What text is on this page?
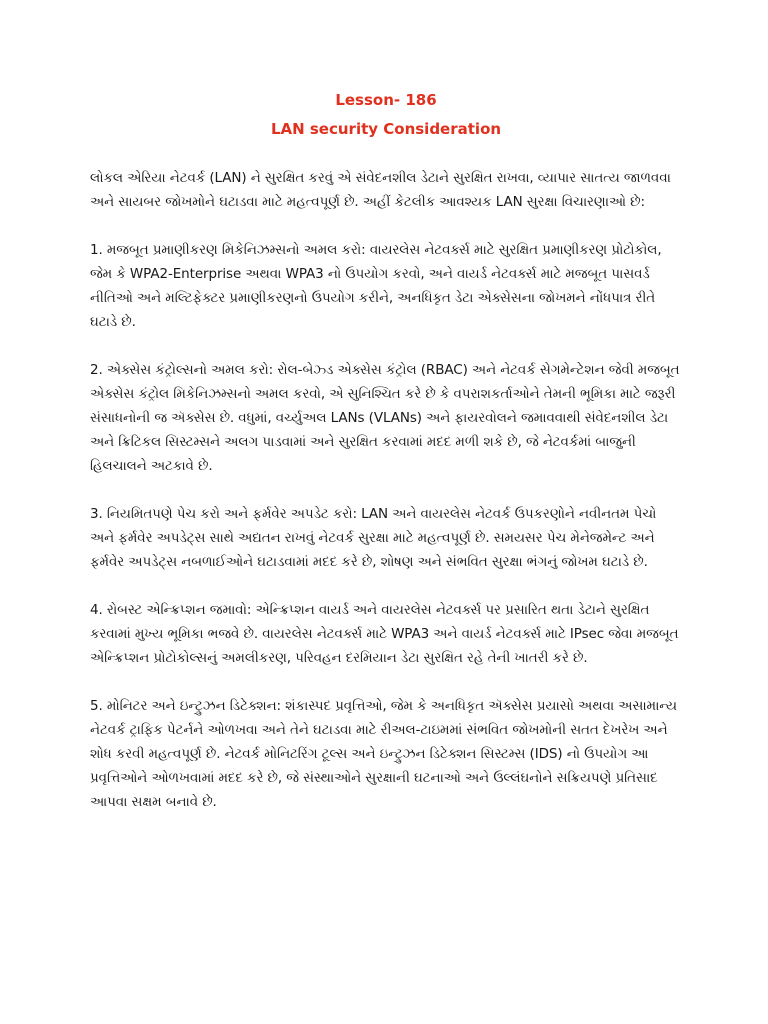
Lesson- 186

LAN security Consideration

લોકલ એરિયા નેટવર્ક (LAN) ને સુરક્ષિત કરવું એ સંવેદનશીલ ડેટાને સુરક્ષિત રાખવા, વ્યાપાર સાતત્ય જાળવવા અને સાયબર જોખમોને ઘટાડવા માટે મહત્વપૂર્ણ છે. અહીં કેટલીક આવશ્યક LAN સુરક્ષા વિચારણાઓ છે:

1. મજબૂત પ્રમાણીકરણ મિકેનિઝમ્સનો અમલ કરો: વાયરલેસ નેટવર્ક્સ માટે સુરક્ષિત પ્રમાણીકરણ પ્રોટોકોલ, જેમ કે WPA2-Enterprise અથવા WPA3 નો ઉપયોગ કરવો, અને વાયર્ડ નેટવર્ક્સ માટે મજબૂત પાસવર્ડ નીતિઓ અને મલ્ટિફેક્ટર પ્રમાણીકરણનો ઉપયોગ કરીને, અનધિકૃત ડેટા એક્સેસના જોખમને નોંધપાત્ર રીતે ઘટાડે છે.

2. એક્સેસ કંટ્રોલ્સનો અમલ કરો: રોલ-બેઝ્ડ એક્સેસ કંટ્રોલ (RBAC) અને નેટવર્ક સેગમેન્ટેશન જેવી મજબૂત એક્સેસ કંટ્રોલ મિકેનિઝમ્સનો અમલ કરવો, એ સુનિશ્ચિત કરે છે કે વપરાશકર્તાઓને તેમની ભૂમિકા માટે જરૂરી સંસાધનોની જ ઍક્સેસ છે. વધુમાં, વર્ચ્યુઅલ LANs (VLANs) અને ફાયરવોલને જમાવવાથી સંવેદનશીલ ડેટા અને ક્રિટિકલ સિસ્ટમ્સને અલગ પાડવામાં અને સુરક્ષિત કરવામાં મદદ મળી શકે છે, જે નેટવર્કમાં બાજુની હિલચાલને અટકાવે છે.

3. નિયમિતપણે પેચ કરો અને ફર્મવેર અપડેટ કરો: LAN અને વાયરલેસ નેટવર્ક ઉપકરણોને નવીનતમ પેચો અને ફર્મવેર અપડેટ્સ સાથે અદ્યતન રાખવું નેટવર્ક સુરક્ષા માટે મહત્વપૂર્ણ છે. સમયસર પેચ મેનેજમેન્ટ અને ફર્મવેર અપડેટ્સ નબળાઈઓને ઘટાડવામાં મદદ કરે છે, શોષણ અને સંભવિત સુરક્ષા ભંગનું જોખમ ઘટાડે છે.

4. રોબસ્ટ એન્ક્રિપ્શન જમાવો: એન્ક્રિપ્શન વાયર્ડ અને વાયરલેસ નેટવર્ક્સ પર પ્રસારિત થતા ડેટાને સુરક્ષિત કરવામાં મુખ્ય ભૂમિકા ભજવે છે. વાયરલેસ નેટવર્ક્સ માટે WPA3 અને વાયર્ડ નેટવર્ક્સ માટે IPsec જેવા મજબૂત એન્ક્રિપ્શન પ્રોટોકોલ્સનું અમલીકરણ, પરિવહન દરમિયાન ડેટા સુરક્ષિત રહે તેની ખાતરી કરે છે.

5. મોનિટર અને ઇન્ટ્રુઝન ડિટેક્શન: શંકાસ્પદ પ્રવૃત્તિઓ, જેમ કે અનધિકૃત ઍક્સેસ પ્રયાસો અથવા અસામાન્ય નેટવર્ક ટ્રાફિક પેટર્નને ઓળખવા અને તેને ઘટાડવા માટે રીઅલ-ટાઇમમાં સંભવિત જોખમોની સતત દેખરેખ અને શોધ કરવી મહત્વપૂર્ણ છે. નેટવર્ક મોનિટરિંગ ટૂલ્સ અને ઇન્ટ્રુઝન ડિટેક્શન સિસ્ટમ્સ (IDS) નો ઉપયોગ આ પ્રવૃત્તિઓને ઓળખવામાં મદદ કરે છે, જે સંસ્થાઓને સુરક્ષાની ઘટનાઓ અને ઉલ્લંઘનોને સક્રિયપણે પ્રતિસાદ આપવા સક્ષમ બનાવે છે.
